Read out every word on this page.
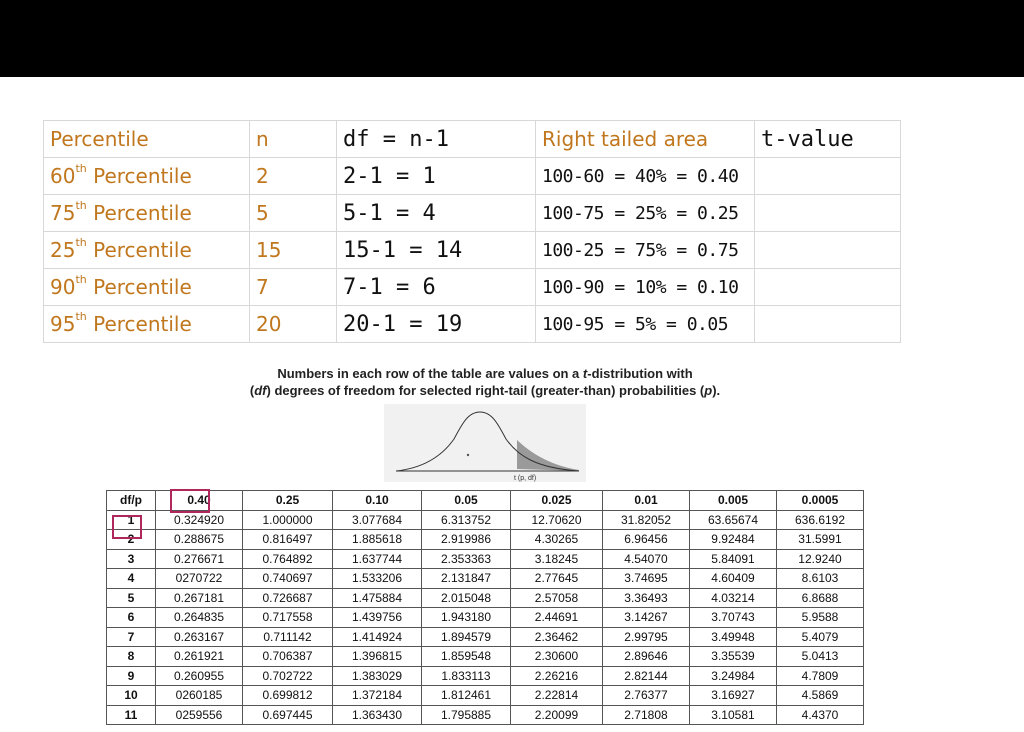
Percentile	n	df = n-1	Right tailed area	t-value
60th Percentile	2	2-1 = 1	100-60 = 40% = 0.40	
75th Percentile	5	5-1 = 4	100-75 = 25% = 0.25	
25th Percentile	15	15-1 = 14	100-25 = 75% = 0.75	
90th Percentile	7	7-1 = 6	100-90 = 10% = 0.10	
95th Percentile	20	20-1 = 19	100-95 = 5% = 0.05	
Numbers in each row of the table are values on a t-distribution with
(df) degrees of freedom for selected right-tail (greater-than) probabilities (p).
t (p, df)
df/p	0.40	0.25	0.10	0.05	0.025	0.01	0.005	0.0005
1	0.324920	1.000000	3.077684	6.313752	12.70620	31.82052	63.65674	636.6192
2	0.288675	0.816497	1.885618	2.919986	4.30265	6.96456	9.92484	31.5991
3	0.276671	0.764892	1.637744	2.353363	3.18245	4.54070	5.84091	12.9240
4	0270722	0.740697	1.533206	2.131847	2.77645	3.74695	4.60409	8.6103
5	0.267181	0.726687	1.475884	2.015048	2.57058	3.36493	4.03214	6.8688
6	0.264835	0.717558	1.439756	1.943180	2.44691	3.14267	3.70743	5.9588
7	0.263167	0.711142	1.414924	1.894579	2.36462	2.99795	3.49948	5.4079
8	0.261921	0.706387	1.396815	1.859548	2.30600	2.89646	3.35539	5.0413
9	0.260955	0.702722	1.383029	1.833113	2.26216	2.82144	3.24984	4.7809
10	0260185	0.699812	1.372184	1.812461	2.22814	2.76377	3.16927	4.5869
11	0259556	0.697445	1.363430	1.795885	2.20099	2.71808	3.10581	4.4370
